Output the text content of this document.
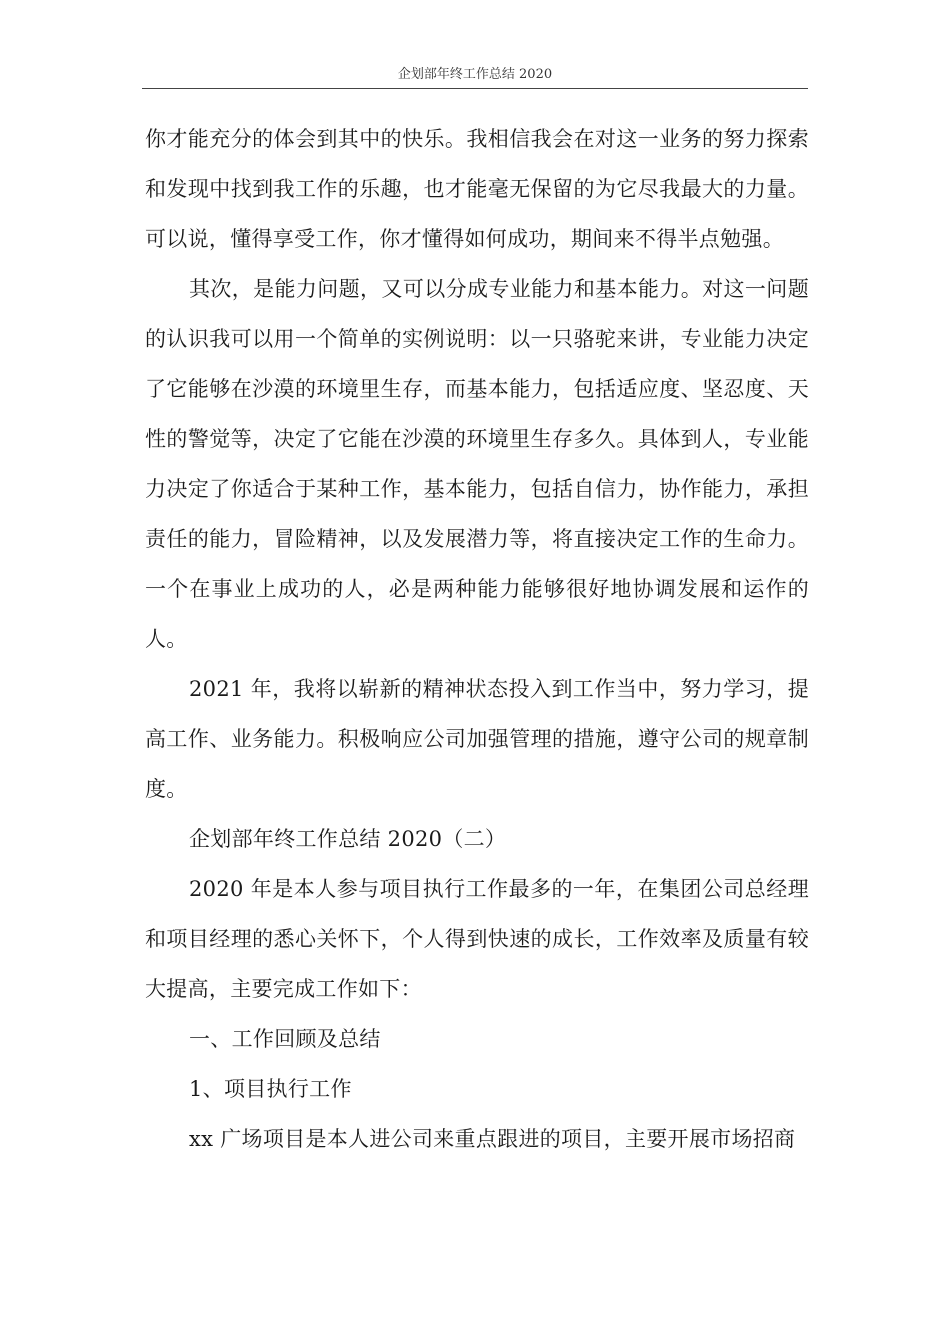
企划部年终工作总结 2020

你才能充分的体会到其中的快乐。我相信我会在对这一业务的努力探索和发现中找到我工作的乐趣，也才能毫无保留的为它尽我最大的力量。可以说，懂得享受工作，你才懂得如何成功，期间来不得半点勉强。

其次，是能力问题，又可以分成专业能力和基本能力。对这一问题的认识我可以用一个简单的实例说明：以一只骆驼来讲，专业能力决定了它能够在沙漠的环境里生存，而基本能力，包括适应度、坚忍度、天性的警觉等，决定了它能在沙漠的环境里生存多久。具体到人，专业能力决定了你适合于某种工作，基本能力，包括自信力，协作能力，承担责任的能力，冒险精神，以及发展潜力等，将直接决定工作的生命力。一个在事业上成功的人，必是两种能力能够很好地协调发展和运作的人。

2021 年，我将以崭新的精神状态投入到工作当中，努力学习，提高工作、业务能力。积极响应公司加强管理的措施，遵守公司的规章制度。

企划部年终工作总结 2020（二）

2020 年是本人参与项目执行工作最多的一年，在集团公司总经理和项目经理的悉心关怀下，个人得到快速的成长，工作效率及质量有较大提高，主要完成工作如下：

一、工作回顾及总结

1、项目执行工作

xx 广场项目是本人进公司来重点跟进的项目，主要开展市场招商
